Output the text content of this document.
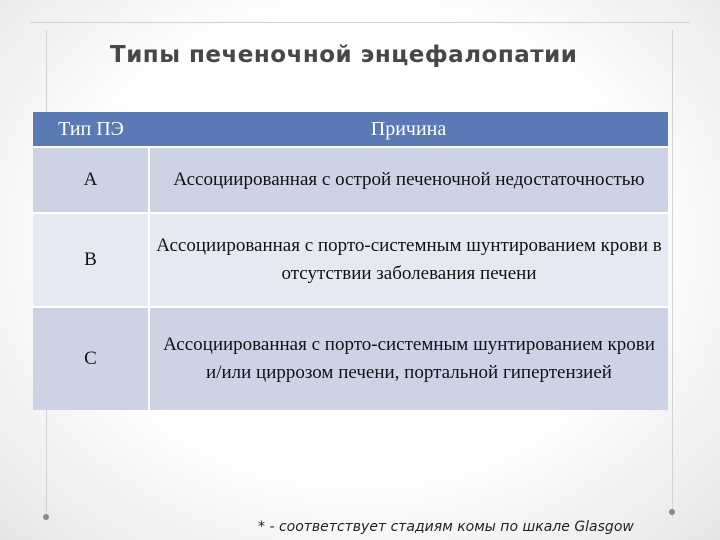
Типы печеночной энцефалопатии
Тип ПЭ	Причина
A	Ассоциированная с острой печеночной недостаточностью
B	Ассоциированная с порто-системным шунтированием крови в отсутствии заболевания печени
C	Ассоциированная с порто-системным шунтированием крови и/или циррозом печени, портальной гипертензией
* - соответствует стадиям комы по шкале Glasgow
